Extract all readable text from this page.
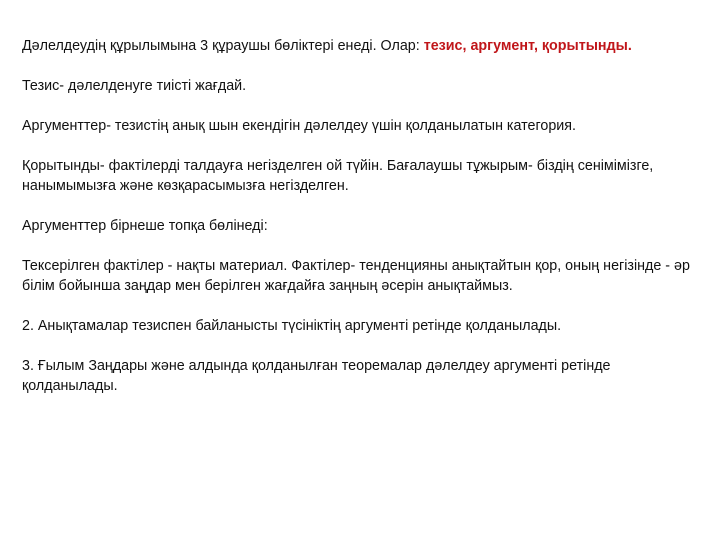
Дәлелдеудің құрылымына 3 құраушы бөліктері енеді. Олар: тезис, аргумент, қорытынды.

Тезис- дәлелденуге тиісті жағдай.

Аргументтер- тезистің анық шын екендігін дәлелдеу үшін қолданылатын категория.

Қорытынды- фактілерді талдауға негізделген ой түйін. Бағалаушы тұжырым- біздің сенімімізге, нанымымызға және көзқарасымызға негізделген.

Аргументтер бірнеше топқа бөлінеді:

Тексерілген фактілер - нақты материал. Фактілер- тенденцияны анықтайтын қор, оның негізінде - әр білім бойынша заңдар мен берілген жағдайға заңның әсерін анықтаймыз.

2. Анықтамалар тезиспен байланысты түсініктің аргументі ретінде қолданылады.

3. Ғылым Заңдары және алдында қолданылған теоремалар дәлелдеу аргументі ретінде қолданылады.
